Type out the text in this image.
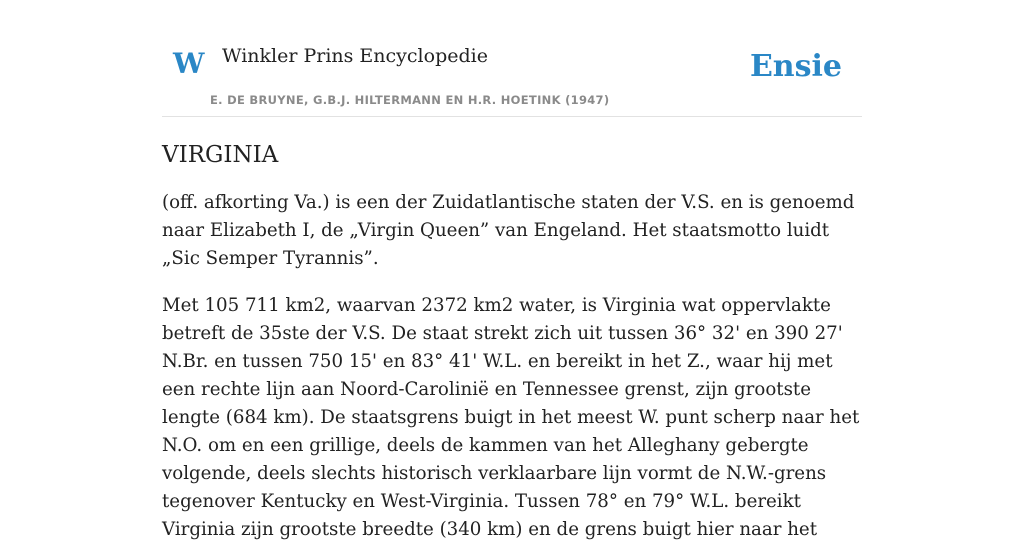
W Winkler Prins Encyclopedie
E. DE BRUYNE, G.B.J. HILTERMANN EN H.R. HOETINK (1947)
Ensie
VIRGINIA

(off. afkorting Va.) is een der Zuidatlantische staten der V.S. en is genoemd naar Elizabeth I, de „Virgin Queen” van Engeland. Het staatsmotto luidt „Sic Semper Tyrannis”.

Met 105 711 km2, waarvan 2372 km2 water, is Virginia wat oppervlakte betreft de 35ste der V.S. De staat strekt zich uit tussen 36° 32' en 390 27' N.Br. en tussen 750 15' en 83° 41' W.L. en bereikt in het Z., waar hij met een rechte lijn aan Noord-Carolinië en Tennessee grenst, zijn grootste lengte (684 km). De staatsgrens buigt in het meest W. punt scherp naar het N.O. om en een grillige, deels de kammen van het Alleghany gebergte volgende, deels slechts historisch verklaarbare lijn vormt de N.W.-grens tegenover Kentucky en West-Virginia. Tussen 78° en 79° W.L. bereikt Virginia zijn grootste breedte (340 km) en de grens buigt hier naar het
